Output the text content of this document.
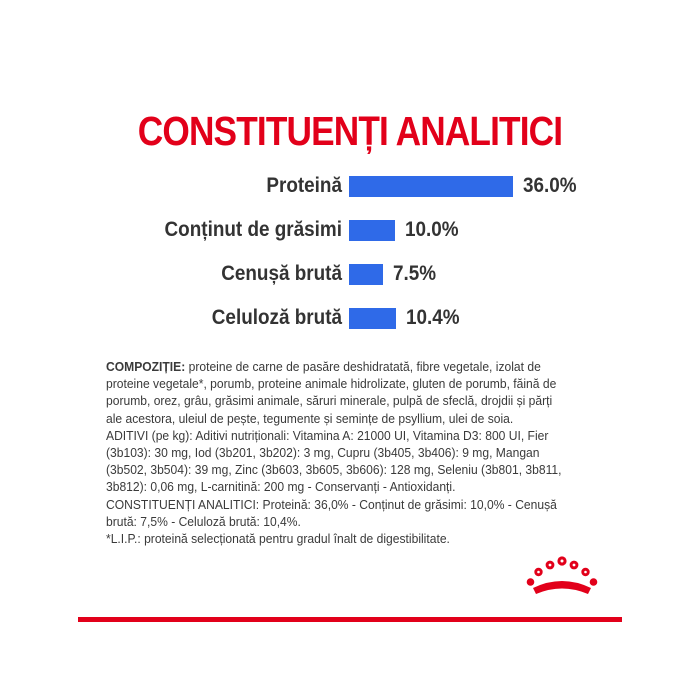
CONSTITUENȚI ANALITICI
Proteină	36.0%
Conținut de grăsimi	10.0%
Cenușă brută 7.5%
Celuloză brută	10.4%

COMPOZIȚIE: proteine de carne de pasăre deshidratată, fibre vegetale, izolat de proteine vegetale*, porumb, proteine animale hidrolizate, gluten de porumb, făină de porumb, orez, grâu, grăsimi animale, săruri minerale, pulpă de sfeclă, drojdii și părți ale acestora, uleiul de pește, tegumente și semințe de psyllium, ulei de soia.

ADITIVI (pe kg): Aditivi nutriționali: Vitamina A: 21000 UI, Vitamina D3: 800 UI, Fier (3b103): 30 mg, Iod (3b201, 3b202): 3 mg, Cupru (3b405, 3b406): 9 mg, Mangan (3b502, 3b504): 39 mg, Zinc (3b603, 3b605, 3b606): 128 mg, Seleniu (3b801, 3b811, 3b812): 0,06 mg, L-carnitină: 200 mg - Conservanți - Antioxidanți.

CONSTITUENȚI ANALITICI: Proteină: 36,0% - Conținut de grăsimi: 10,0% - Cenușă brută: 7,5% - Celuloză brută: 10,4%.

*L.I.P.: proteină selecționată pentru gradul înalt de digestibilitate.
